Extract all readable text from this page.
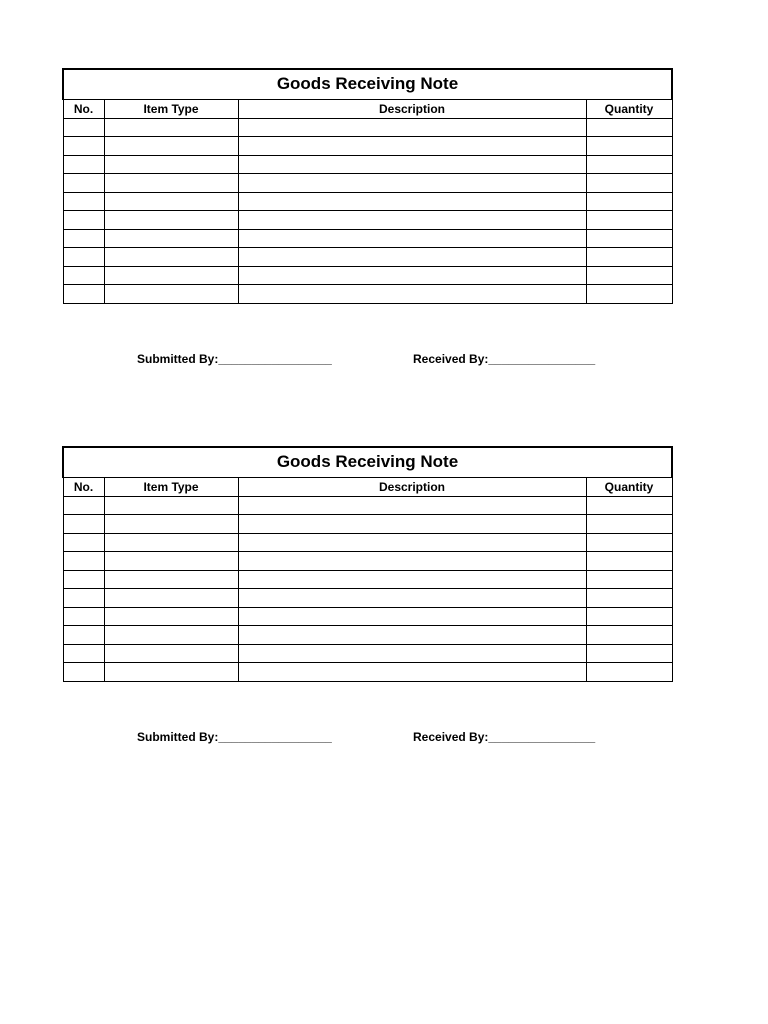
Goods Receiving Note			
No.	Item Type	Description	Quantity

Submitted By:_________________	Received By:________________
Goods Receiving Note			
No.	Item Type	Description	Quantity

Submitted By:_________________	Received By:________________
